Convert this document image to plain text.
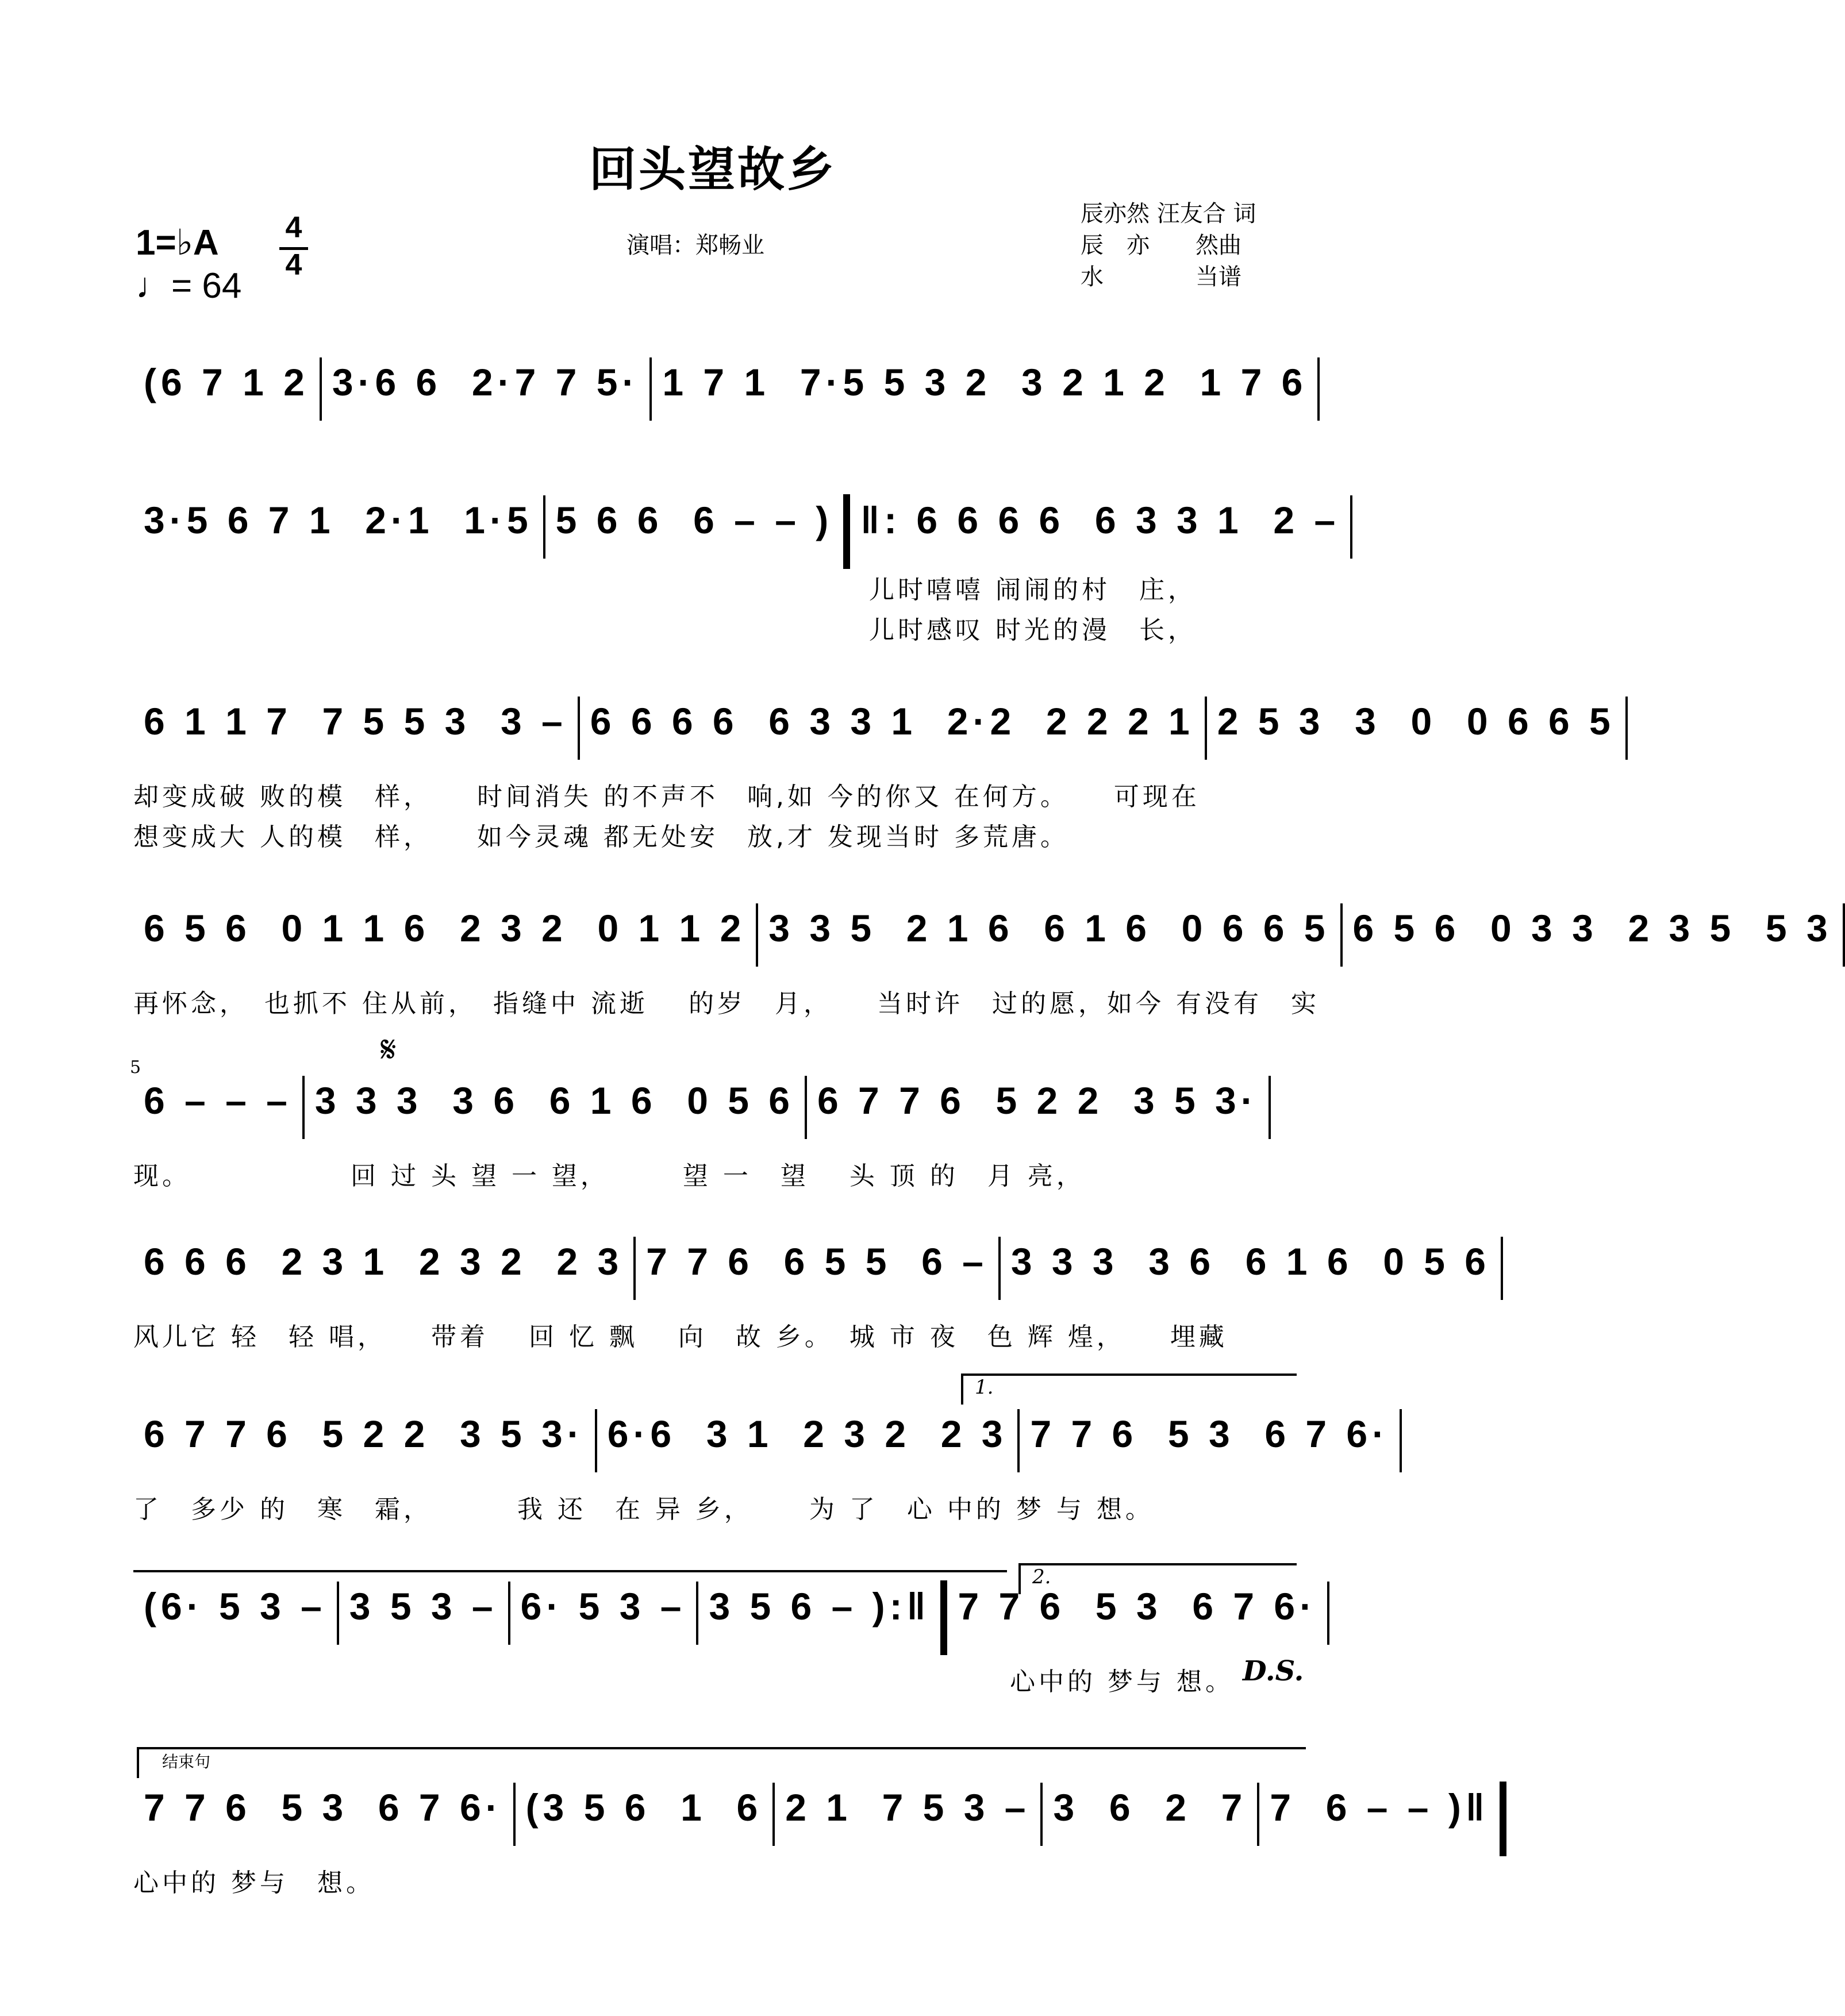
回头望故乡
辰亦然 汪友合 词
辰　亦　　然曲
水　　　　当谱
1=♭A 4
4
♩= 64
演唱：郑畅业
(6 7 1 2 3·6 6  2·7 7 5· 1 7 1  7·5 5 3 2  3 2 1 2  1 7 6
3·5 6 7 1  2·1  1·5 5 6 6  6 – – ) ‖: 6 6 6 6  6 3 3 1  2 –
儿时嘻嘻 闹闹的村　庄，
儿时感叹 时光的漫　长，
6 1 1 7  7 5 5 3  3 – 6 6 6 6  6 3 3 1  2·2  2 2 2 1 2 5 3  3  0  0 6 6 5
却变成破 败的模　样，　　时间消失 的不声不　响,如 今的你又 在何方。　　可现在
想变成大 人的模　样，　　如今灵魂 都无处安　放,才 发现当时 多荒唐。
6 5 6  0 1 1 6  2 3 2  0 1 1 2 3 3 5  2 1 6  6 1 6  0 6 6 5 6 5 6  0 3 3  2 3 5  5 3
再怀念，　也抓不 住从前，　指缝中 流逝　 的岁　月，　　当时许　过的愿，如今 有没有　实
𝄋
5
6 – – – 3 3 3  3 6  6 1 6  0 5 6 6 7 7 6  5 2 2  3 5 3·
现。　　　　　　回 过 头 望 一 望，　　　望 一　望　 头 顶 的　月 亮，
6 6 6  2 3 1  2 3 2  2 3 7 7 6  6 5 5  6 – 3 3 3  3 6  6 1 6  0 5 6
风儿它 轻　轻 唱，　　带着　 回 忆 飘　 向　故 乡。　城 市 夜　色 辉 煌，　　埋藏
1.
6 7 7 6  5 2 2  3 5 3· 6·6  3 1  2 3 2  2 3 7 7 6  5 3  6 7 6·
了　多少 的　寒　霜，　　　 我 还　在 异 乡，　　 为 了　心 中的 梦 与 想。
2.
(6· 5 3 – 3 5 3 – 6· 5 3 – 3 5 6 – ):‖ 7 7 6  5 3  6 7 6·
心中的 梦与 想。 D.S.
结束句
7 7 6  5 3  6 7 6· (3 5 6  1  6 2 1  7 5 3 – 3  6  2  7 7  6 – – )‖
心中的 梦与　想。
